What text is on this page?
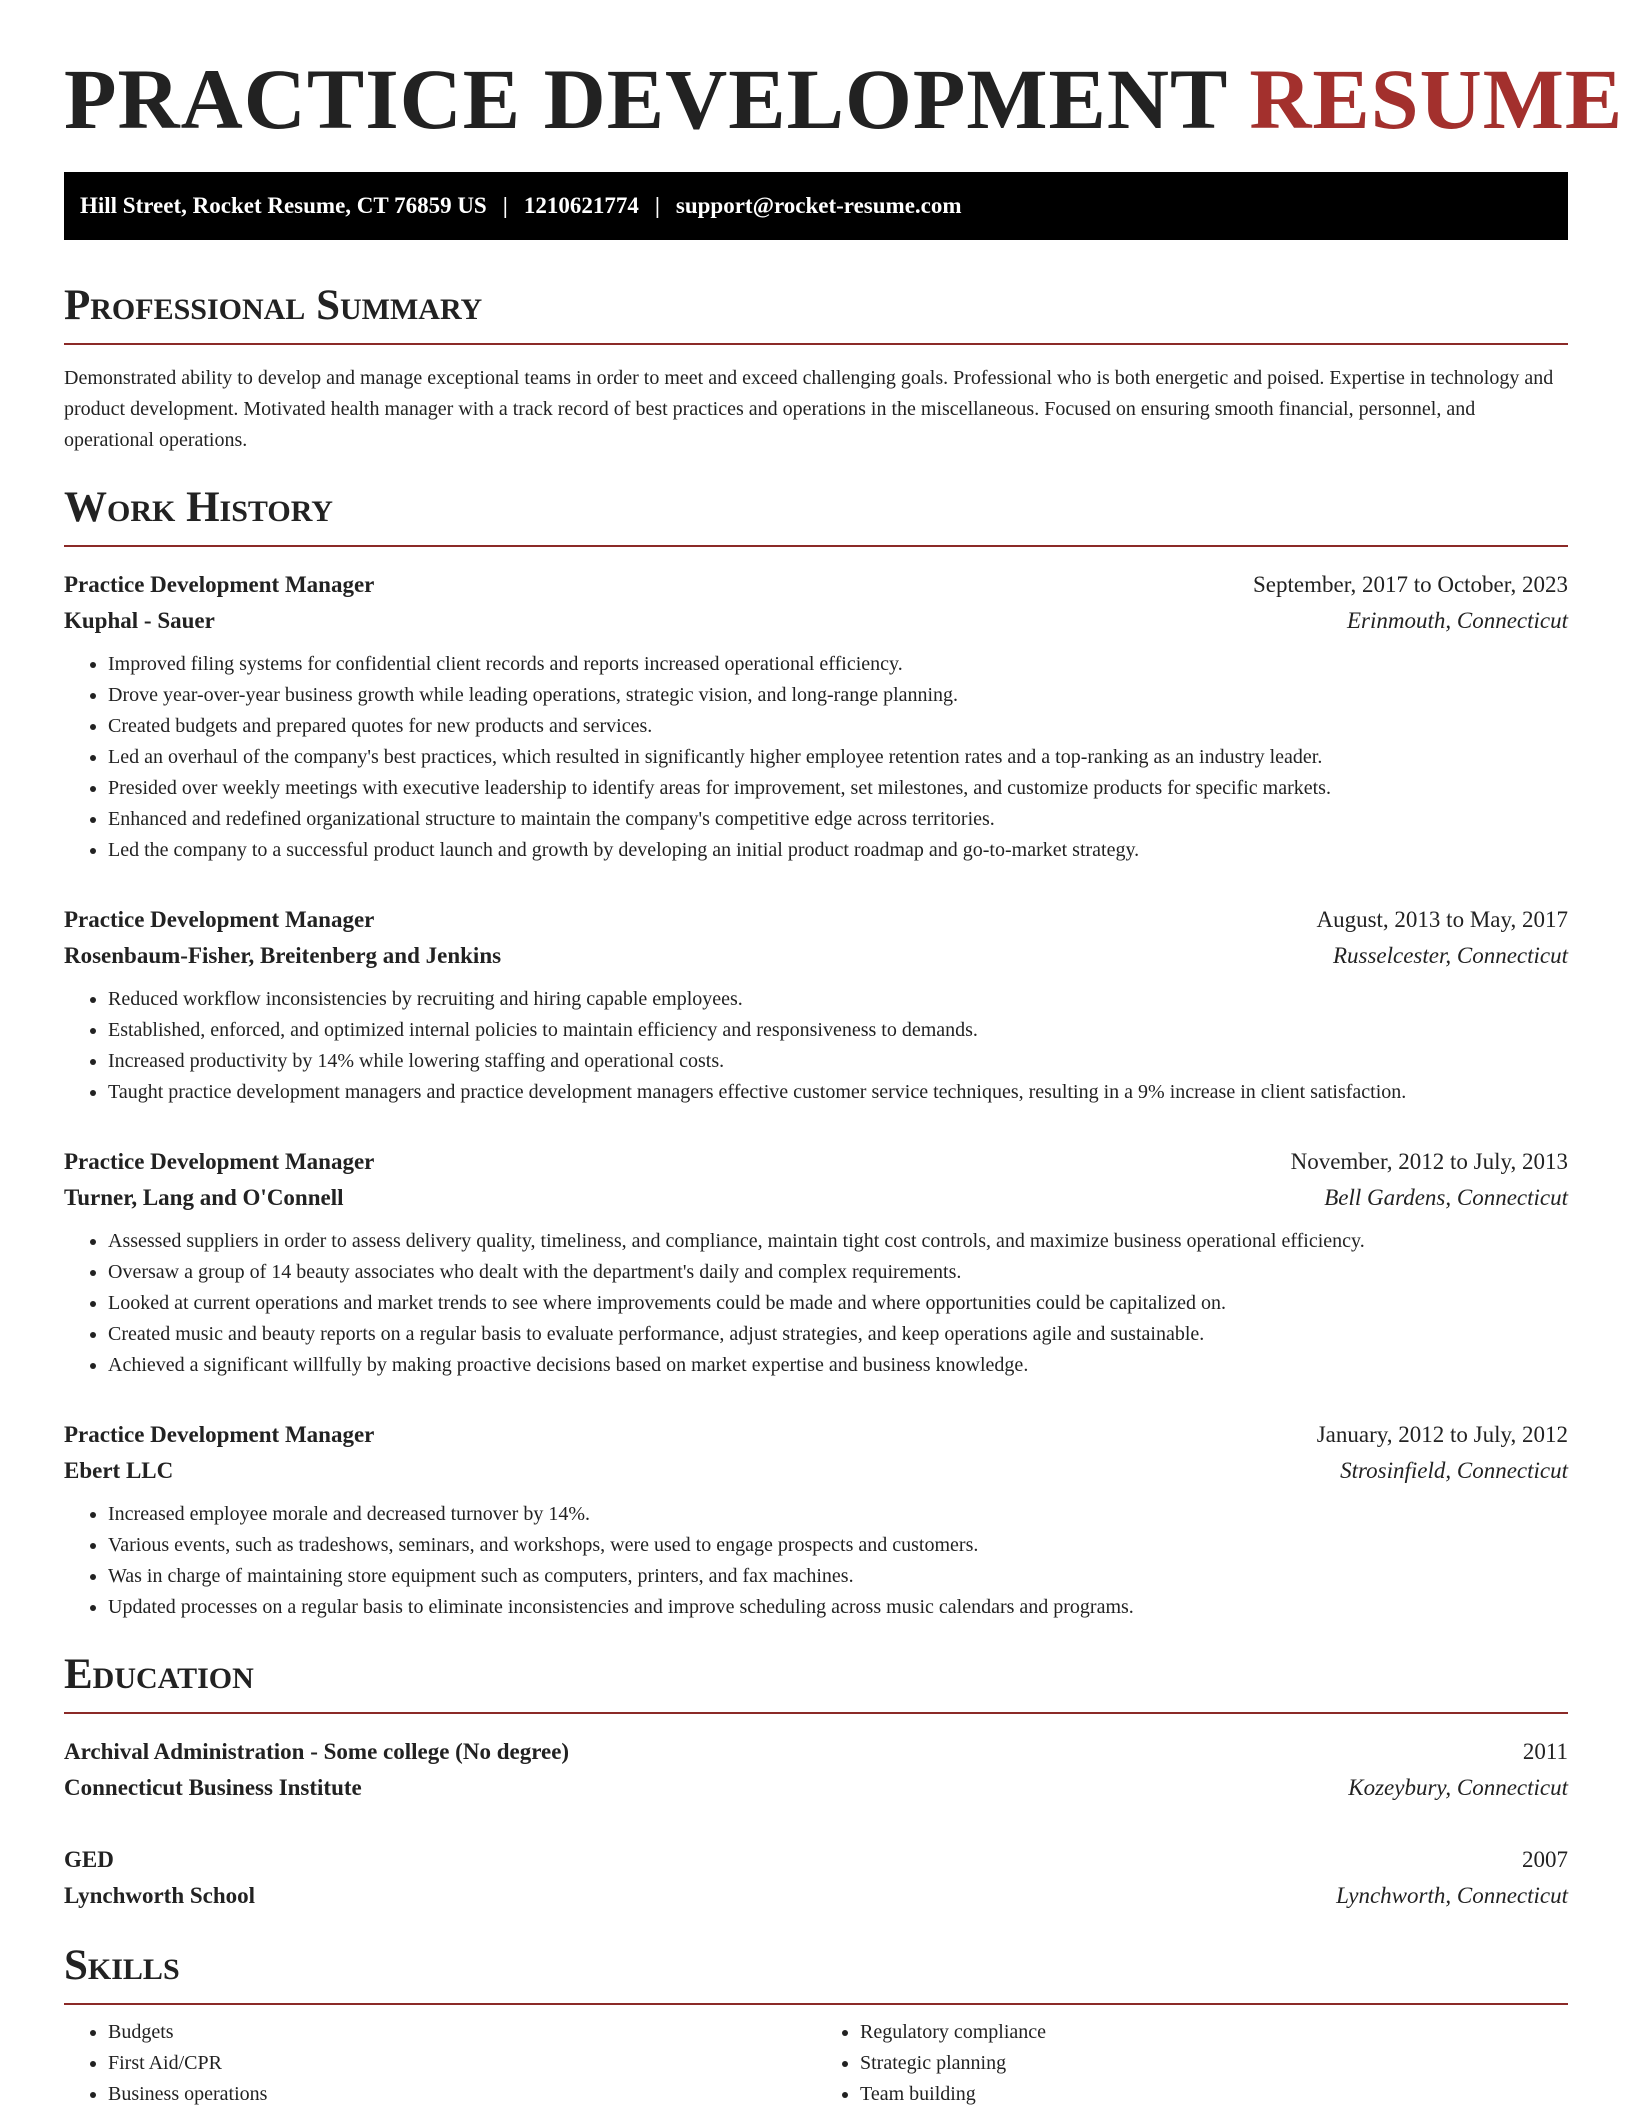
PRACTICE DEVELOPMENT RESUME
Hill Street, Rocket Resume, CT 76859 US | 1210621774 | support@rocket-resume.com
Professional Summary

Demonstrated ability to develop and manage exceptional teams in order to meet and exceed challenging goals. Professional who is both energetic and poised. Expertise in technology and product development. Motivated health manager with a track record of best practices and operations in the miscellaneous. Focused on ensuring smooth financial, personnel, and operational operations.

Work History
Practice Development Manager	September, 2017 to October, 2023
Kuphal - Sauer	Erinmouth, Connecticut
• Improved filing systems for confidential client records and reports increased operational efficiency.
• Drove year-over-year business growth while leading operations, strategic vision, and long-range planning.
• Created budgets and prepared quotes for new products and services.
• Led an overhaul of the company's best practices, which resulted in significantly higher employee retention rates and a top-ranking as an industry leader.
• Presided over weekly meetings with executive leadership to identify areas for improvement, set milestones, and customize products for specific markets.
• Enhanced and redefined organizational structure to maintain the company's competitive edge across territories.
• Led the company to a successful product launch and growth by developing an initial product roadmap and go-to-market strategy.
Practice Development Manager	August, 2013 to May, 2017
Rosenbaum-Fisher, Breitenberg and Jenkins	Russelcester, Connecticut
• Reduced workflow inconsistencies by recruiting and hiring capable employees.
• Established, enforced, and optimized internal policies to maintain efficiency and responsiveness to demands.
• Increased productivity by 14% while lowering staffing and operational costs.
• Taught practice development managers and practice development managers effective customer service techniques, resulting in a 9% increase in client satisfaction.
Practice Development Manager	November, 2012 to July, 2013
Turner, Lang and O'Connell	Bell Gardens, Connecticut
• Assessed suppliers in order to assess delivery quality, timeliness, and compliance, maintain tight cost controls, and maximize business operational efficiency.
• Oversaw a group of 14 beauty associates who dealt with the department's daily and complex requirements.
• Looked at current operations and market trends to see where improvements could be made and where opportunities could be capitalized on.
• Created music and beauty reports on a regular basis to evaluate performance, adjust strategies, and keep operations agile and sustainable.
• Achieved a significant willfully by making proactive decisions based on market expertise and business knowledge.
Practice Development Manager	January, 2012 to July, 2012
Ebert LLC	Strosinfield, Connecticut
• Increased employee morale and decreased turnover by 14%.
• Various events, such as tradeshows, seminars, and workshops, were used to engage prospects and customers.
• Was in charge of maintaining store equipment such as computers, printers, and fax machines.
• Updated processes on a regular basis to eliminate inconsistencies and improve scheduling across music calendars and programs.
Education
Archival Administration - Some college (No degree)	2011
Connecticut Business Institute	Kozeybury, Connecticut
GED	2007
Lynchworth School	Lynchworth, Connecticut
Skills
• Budgets
• First Aid/CPR
• Business operations
• Regulatory compliance
• Strategic planning
• Team building
